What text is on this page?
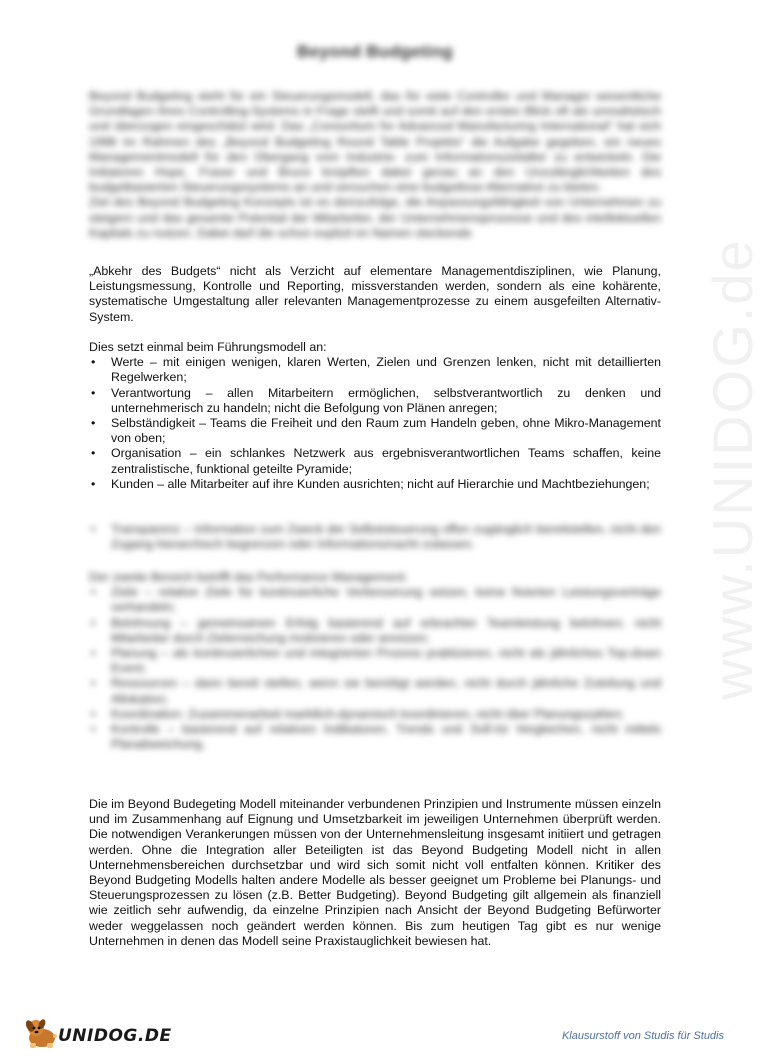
www.UNIDOG.de
Beyond Budgeting

Beyond Budgeting steht für ein Steuerungsmodell, das für viele Controller und Manager wesentliche Grundlagen ihres Controlling-Systems in Frage stellt und somit auf den ersten Blick oft als unrealistisch und überzogen eingeschätzt wird. Das „Consortium for Advanced Manufacturing International“ hat sich 1998 im Rahmen des „Beyond Budgeting Round Table Projekts“ die Aufgabe gegeben, ein neues Managementmodell für den Übergang vom Industrie- zum Informationszeitalter zu entwickeln. Die Initiatoren Hope, Fraser und Bruce knüpften dabei genau an den Unzulänglichkeiten des budgetbasierten Steuerungssystems an und versuchen eine budgetlose Alternative zu bieten.

Ziel des Beyond Budgeting Konzepts ist es demzufolge, die Anpassungsfähigkeit von Unternehmen zu steigern und das gesamte Potential der Mitarbeiter, der Unternehmensprozesse und des intellektuellen Kapitals zu nutzen. Dabei darf die schon explizit im Namen steckende

„Abkehr des Budgets“ nicht als Verzicht auf elementare Managementdisziplinen, wie Planung, Leistungsmessung, Kontrolle und Reporting, missverstanden werden, sondern als eine kohärente, systematische Umgestaltung aller relevanten Managementprozesse zu einem ausgefeilten Alternativ-System.

Dies setzt einmal beim Führungsmodell an:

• Werte – mit einigen wenigen, klaren Werten, Zielen und Grenzen lenken, nicht mit detaillierten Regelwerken;
• Verantwortung – allen Mitarbeitern ermöglichen, selbstverantwortlich zu denken und unternehmerisch zu handeln; nicht die Befolgung von Plänen anregen;
• Selbständigkeit – Teams die Freiheit und den Raum zum Handeln geben, ohne Mikro-Management von oben;
• Organisation – ein schlankes Netzwerk aus ergebnisverantwortlichen Teams schaffen, keine zentralistische, funktional geteilte Pyramide;
• Kunden – alle Mitarbeiter auf ihre Kunden ausrichten; nicht auf Hierarchie und Machtbeziehungen;
• Transparenz – Information zum Zweck der Selbststeuerung offen zugänglich bereitstellen, nicht den Zugang hierarchisch begrenzen oder Informationsmacht zulassen.

Der zweite Bereich betrifft das Performance Management:

• Ziele – relative Ziele für kontinuierliche Verbesserung setzen, keine fixierten Leistungsverträge verhandeln;
• Belohnung – gemeinsamen Erfolg basierend auf erbrachter Teamleistung belohnen; nicht Mitarbeiter durch Zielerreichung motivieren oder anreizen;
• Planung – als kontinuierlichen und integrierten Prozess praktizieren, nicht als jährliches Top-down Event;
• Ressourcen – dann bereit stellen, wenn sie benötigt werden, nicht durch jährliche Zuteilung und Allokation;
• Koordination- Zusammenarbeit marktlich-dynamisch koordinieren, nicht über Planungszyklen;
• Kontrolle – basierend auf relativen Indikatoren, Trends und Soll-Ist Vergleichen, nicht mittels Planabweichung.

Die im Beyond Budegeting Modell miteinander verbundenen Prinzipien und Instrumente müssen einzeln und im Zusammenhang auf Eignung und Umsetzbarkeit im jeweiligen Unternehmen überprüft werden. Die notwendigen Verankerungen müssen von der Unternehmensleitung insgesamt initiiert und getragen werden. Ohne die Integration aller Beteiligten ist das Beyond Budgeting Modell nicht in allen Unternehmensbereichen durchsetzbar und wird sich somit nicht voll entfalten können. Kritiker des Beyond Budgeting Modells halten andere Modelle als besser geeignet um Probleme bei Planungs- und Steuerungsprozessen zu lösen (z.B. Better Budgeting). Beyond Budgeting gilt allgemein als finanziell wie zeitlich sehr aufwendig, da einzelne Prinzipien nach Ansicht der Beyond Budgeting Befürworter weder weggelassen noch geändert werden können. Bis zum heutigen Tag gibt es nur wenige Unternehmen in denen das Modell seine Praxistauglichkeit bewiesen hat.

UNIDOG.DE	Klausurstoff von Studis für Studis
